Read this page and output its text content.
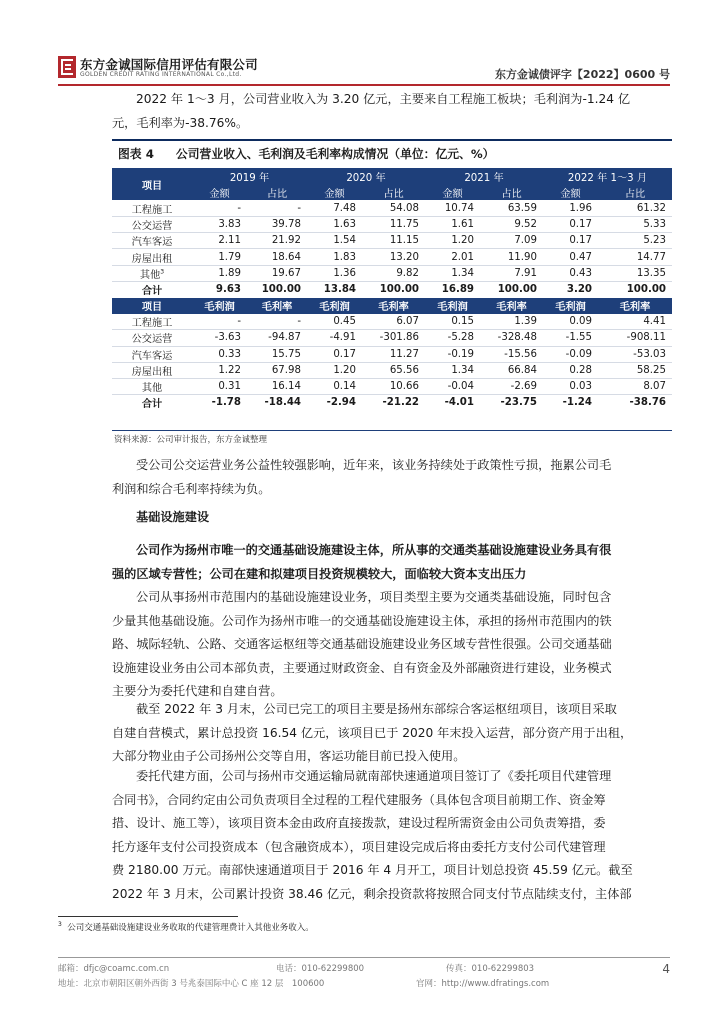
东方金诚国际信用评估有限公司
GOLDEN CREDIT RATING INTERNATIONAL Co.,Ltd.	东方金诚债评字【2022】0600 号
2022 年 1～3 月，公司营业收入为 3.20 亿元，主要来自工程施工板块；毛利润为-1.24 亿
元，毛利率为-38.76%。
图表 4 公司营业收入、毛利润及毛利率构成情况（单位：亿元、%）
项目	2019 年		2020 年		2021 年		2022 年 1～3 月	
	金额	占比	金额	占比	金额	占比	金额	占比
工程施工	-	-	7.48	54.08	10.74	63.59	1.96	61.32
公交运营	3.83	39.78	1.63	11.75	1.61	9.52	0.17	5.33
汽车客运	2.11	21.92	1.54	11.15	1.20	7.09	0.17	5.23
房屋出租	1.79	18.64	1.83	13.20	2.01	11.90	0.47	14.77
其他$^3$	1.89	19.67	1.36	9.82	1.34	7.91	0.43	13.35
合计	9.63	100.00	13.84	100.00	16.89	100.00	3.20	100.00
项目	毛利润	毛利率	毛利润	毛利率	毛利润	毛利率	毛利润	毛利率
工程施工	-	-	0.45	6.07	0.15	1.39	0.09	4.41
公交运营	-3.63	-94.87	-4.91	-301.86	-5.28	-328.48	-1.55	-908.11
汽车客运	0.33	15.75	0.17	11.27	-0.19	-15.56	-0.09	-53.03
房屋出租	1.22	67.98	1.20	65.56	1.34	66.84	0.28	58.25
其他	0.31	16.14	0.14	10.66	-0.04	-2.69	0.03	8.07
合计	-1.78	-18.44	-2.94	-21.22	-4.01	-23.75	-1.24	-38.76
资料来源：公司审计报告，东方金诚整理
受公司公交运营业务公益性较强影响，近年来，该业务持续处于政策性亏损，拖累公司毛
利润和综合毛利率持续为负。
基础设施建设
公司作为扬州市唯一的交通基础设施建设主体，所从事的交通类基础设施建设业务具有很
强的区域专营性；公司在建和拟建项目投资规模较大，面临较大资本支出压力
公司从事扬州市范围内的基础设施建设业务，项目类型主要为交通类基础设施，同时包含
少量其他基础设施。公司作为扬州市唯一的交通基础设施建设主体，承担的扬州市范围内的铁
路、城际轻轨、公路、交通客运枢纽等交通基础设施建设业务区域专营性很强。公司交通基础
设施建设业务由公司本部负责，主要通过财政资金、自有资金及外部融资进行建设，业务模式
主要分为委托代建和自建自营。
截至 2022 年 3 月末，公司已完工的项目主要是扬州东部综合客运枢纽项目，该项目采取
自建自营模式，累计总投资 16.54 亿元，该项目已于 2020 年末投入运营，部分资产用于出租，
大部分物业由子公司扬州公交等自用，客运功能目前已投入使用。
委托代建方面，公司与扬州市交通运输局就南部快速通道项目签订了《委托项目代建管理
合同书》，合同约定由公司负责项目全过程的工程代建服务（具体包含项目前期工作、资金筹
措、设计、施工等），该项目资本金由政府直接拨款，建设过程所需资金由公司负责筹措，委
托方逐年支付公司投资成本（包含融资成本），项目建设完成后将由委托方支付公司代建管理
费 2180.00 万元。南部快速通道项目于 2016 年 4 月开工，项目计划总投资 45.59 亿元。截至
2022 年 3 月末，公司累计投资 38.46 亿元，剩余投资款将按照合同支付节点陆续支付，主体部
$^3$ 公司交通基础设施建设业务收取的代建管理费计入其他业务收入。
邮箱：dfjc@coamc.com.cn	电话：010-62299800	传真：010-62299803
地址：北京市朝阳区朝外西街 3 号兆泰国际中心 C 座 12 层　100600	官网：http://www.dfratings.com
4
